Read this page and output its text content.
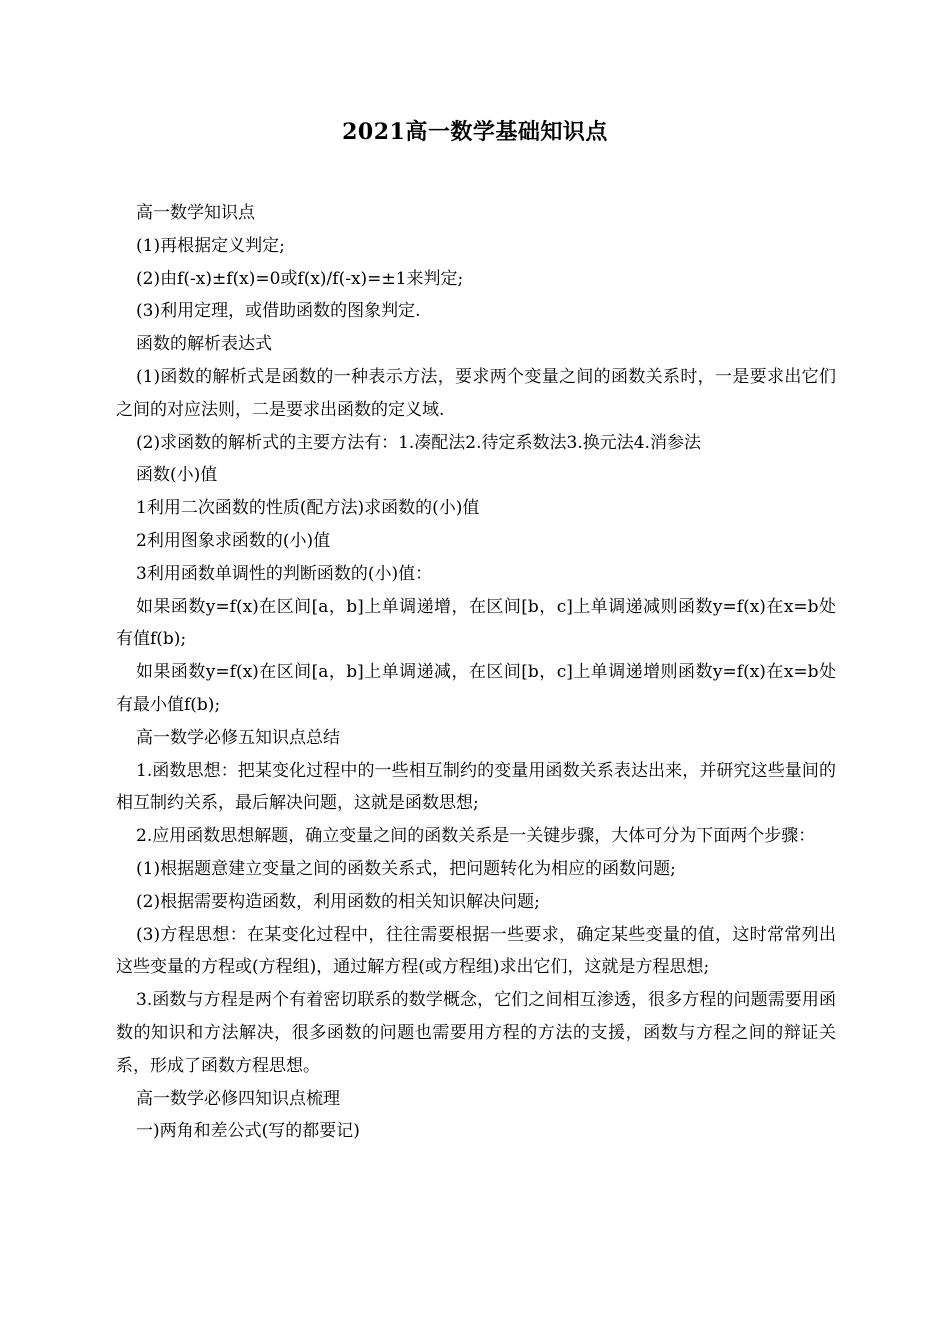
2021高一数学基础知识点

高一数学知识点

(1)再根据定义判定;

(2)由f(-x)±f(x)=0或f(x)/f(-x)=±1来判定;

(3)利用定理，或借助函数的图象判定.

函数的解析表达式

(1)函数的解析式是函数的一种表示方法，要求两个变量之间的函数关系时，一是要求出它们之间的对应法则，二是要求出函数的定义域.

(2)求函数的解析式的主要方法有：1.凑配法2.待定系数法3.换元法4.消参法

函数(小)值

1利用二次函数的性质(配方法)求函数的(小)值

2利用图象求函数的(小)值

3利用函数单调性的判断函数的(小)值：

如果函数y=f(x)在区间[a，b]上单调递增，在区间[b，c]上单调递减则函数y=f(x)在x=b处有值f(b);

如果函数y=f(x)在区间[a，b]上单调递减，在区间[b，c]上单调递增则函数y=f(x)在x=b处有最小值f(b);

高一数学必修五知识点总结

1.函数思想：把某变化过程中的一些相互制约的变量用函数关系表达出来，并研究这些量间的相互制约关系，最后解决问题，这就是函数思想;

2.应用函数思想解题，确立变量之间的函数关系是一关键步骤，大体可分为下面两个步骤：

(1)根据题意建立变量之间的函数关系式，把问题转化为相应的函数问题;

(2)根据需要构造函数，利用函数的相关知识解决问题;

(3)方程思想：在某变化过程中，往往需要根据一些要求，确定某些变量的值，这时常常列出这些变量的方程或(方程组)，通过解方程(或方程组)求出它们，这就是方程思想;

3.函数与方程是两个有着密切联系的数学概念，它们之间相互渗透，很多方程的问题需要用函数的知识和方法解决，很多函数的问题也需要用方程的方法的支援，函数与方程之间的辩证关系，形成了函数方程思想。

高一数学必修四知识点梳理

一)两角和差公式(写的都要记)
